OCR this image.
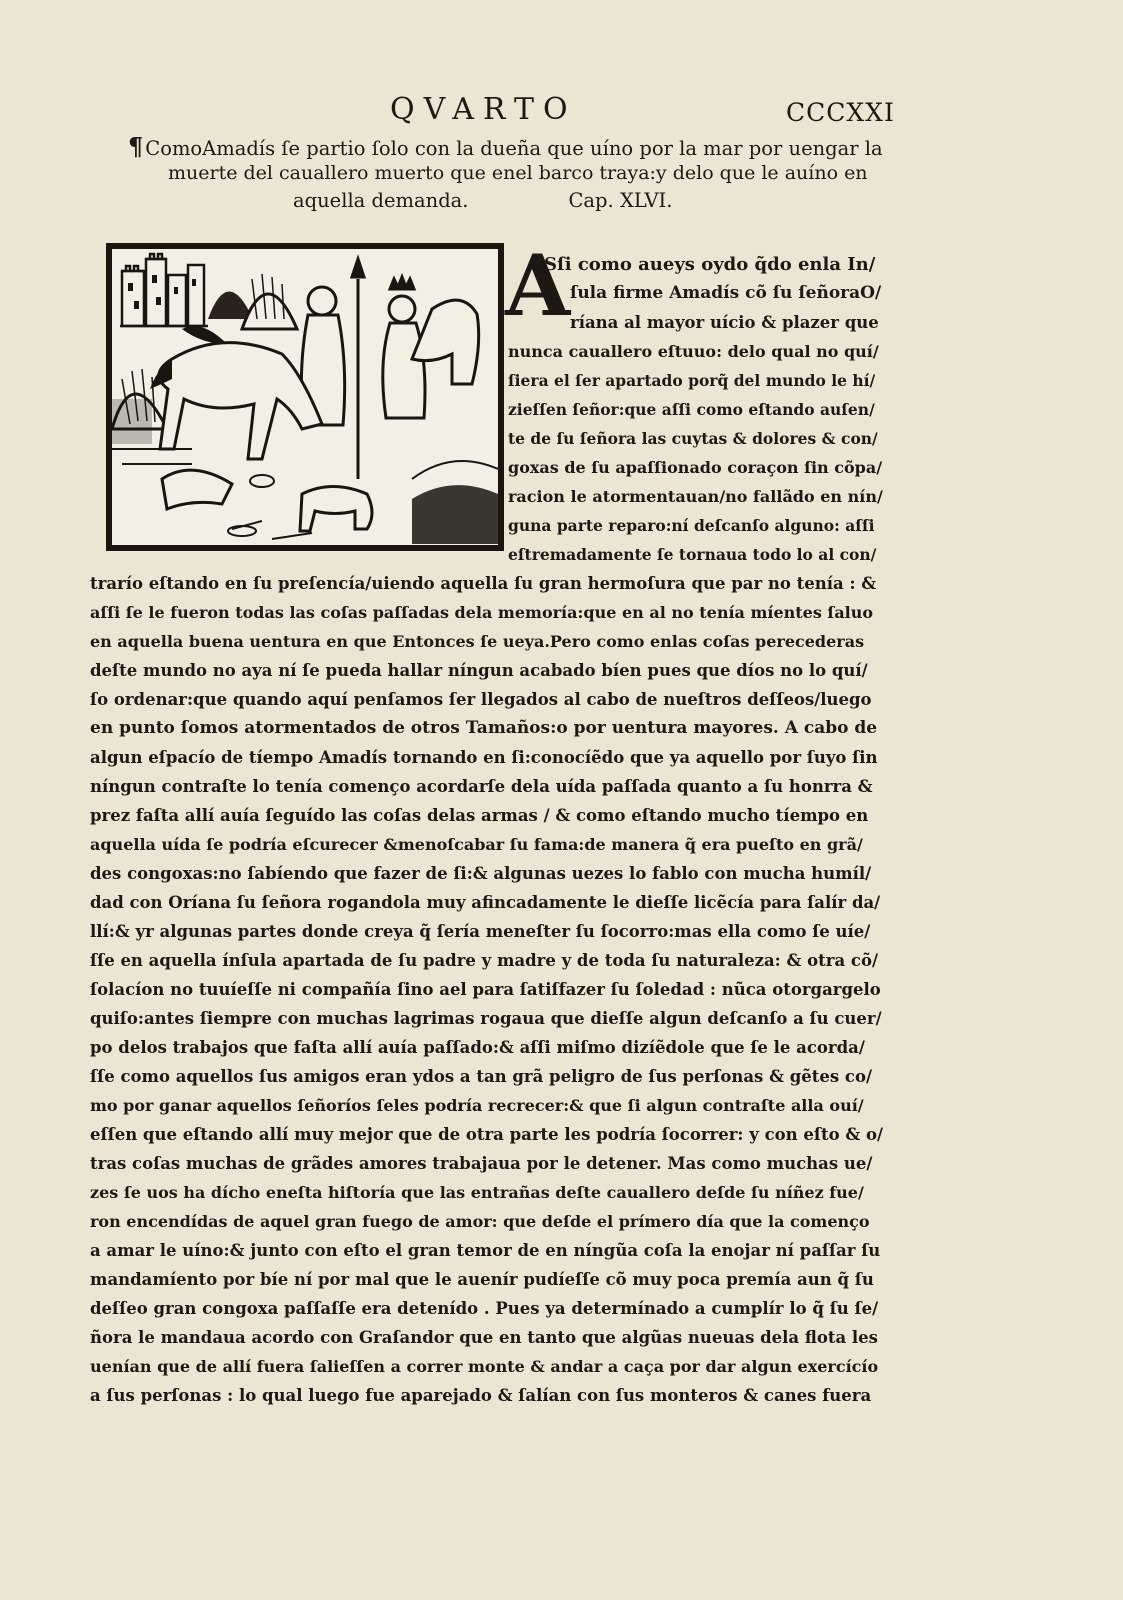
QVARTO	CCCXXI
¶ ComoAmadís ſe partio ſolo con la dueña que uíno por la mar por uengar la
muerte del cauallero muerto que enel barco traya:y delo que le auíno en
aquella demanda.	Cap. XLVI.
A
Sſi como aueys oydo q̃do enla In/
ſula firme Amadís cõ ſu ſeñoraO/
ríana al mayor uício & plazer que
nunca cauallero eſtuuo: delo qual no quí/
ſiera el ſer apartado porq̃ del mundo le hí/
zieſſen ſeñor:que aſſi como eſtando auſen/
te de ſu ſeñora las cuytas & dolores & con/
goxas de ſu apaſſionado coraçon ſin cõpa/
racion le atormentauan/no fallãdo en nín/
guna parte reparo:ní deſcanſo alguno: aſſi
eſtremadamente ſe tornaua todo lo al con/
trarío eſtando en ſu preſencía/uiendo aquella ſu gran hermoſura que par no tenía : &
aſſi ſe le fueron todas las coſas paſſadas dela memoría:que en al no tenía míentes ſaluo
en aquella buena uentura en que Entonces ſe ueya.Pero como enlas coſas perecederas
deſte mundo no aya ní ſe pueda hallar níngun acabado bíen pues que díos no lo quí/
ſo ordenar:que quando aquí penſamos ſer llegados al cabo de nueſtros deſſeos/luego
en punto ſomos atormentados de otros Tamaños:o por uentura mayores. A cabo de
algun eſpacío de tíempo Amadís tornando en ſi:conocíẽdo que ya aquello por ſuyo ſin
níngun contraſte lo tenía començo acordarſe dela uída paſſada quanto a ſu honrra &
prez faſta allí auía ſeguído las coſas delas armas / & como eſtando mucho tíempo en
aquella uída ſe podría eſcurecer &menoſcabar ſu fama:de manera q̃ era pueſto en grã/
des congoxas:no ſabíendo que fazer de ſi:& algunas uezes lo fablo con mucha humíl/
dad con Oríana ſu ſeñora rogandola muy afincadamente le dieſſe licẽcía para ſalír da/
llí:& yr algunas partes donde creya q̃ ſería meneſter ſu ſocorro:mas ella como ſe uíe/
ſſe en aquella ínſula apartada de ſu padre y madre y de toda ſu naturaleza: & otra cõ/
ſolacíon no tuuíeſſe ni compañía ſino ael para ſatiſfazer ſu ſoledad : nũca otorgargelo
quiſo:antes ſiempre con muchas lagrimas rogaua que dieſſe algun deſcanſo a ſu cuer/
po delos trabajos que faſta allí auía paſſado:& aſſi miſmo dizíẽdole que ſe le acorda/
ſſe como aquellos ſus amigos eran ydos a tan grã peligro de ſus perſonas & gẽtes co/
mo por ganar aquellos ſeñoríos ſeles podría recrecer:& que ſi algun contraſte alla ouí/
eſſen que eſtando allí muy mejor que de otra parte les podría ſocorrer: y con eſto & o/
tras coſas muchas de grãdes amores trabajaua por le detener. Mas como muchas ue/
zes ſe uos ha dícho eneſta hiſtoría que las entrañas deſte cauallero deſde ſu níñez fue/
ron encendídas de aquel gran fuego de amor: que deſde el prímero día que la començo
a amar le uíno:& junto con eſto el gran temor de en níngũa coſa la enojar ní paſſar ſu
mandamíento por bíe ní por mal que le auenír pudíeſſe cõ muy poca premía aun q̃ ſu
deſſeo gran congoxa paſſaſſe era detenído . Pues ya determínado a cumplír lo q̃ ſu ſe/
ñora le mandaua acordo con Graſandor que en tanto que algũas nueuas dela flota les
uenían que de allí fuera ſalieſſen a correr monte & andar a caça por dar algun exercícío
a ſus perſonas : lo qual luego fue aparejado & ſalían con ſus monteros & canes fuera
